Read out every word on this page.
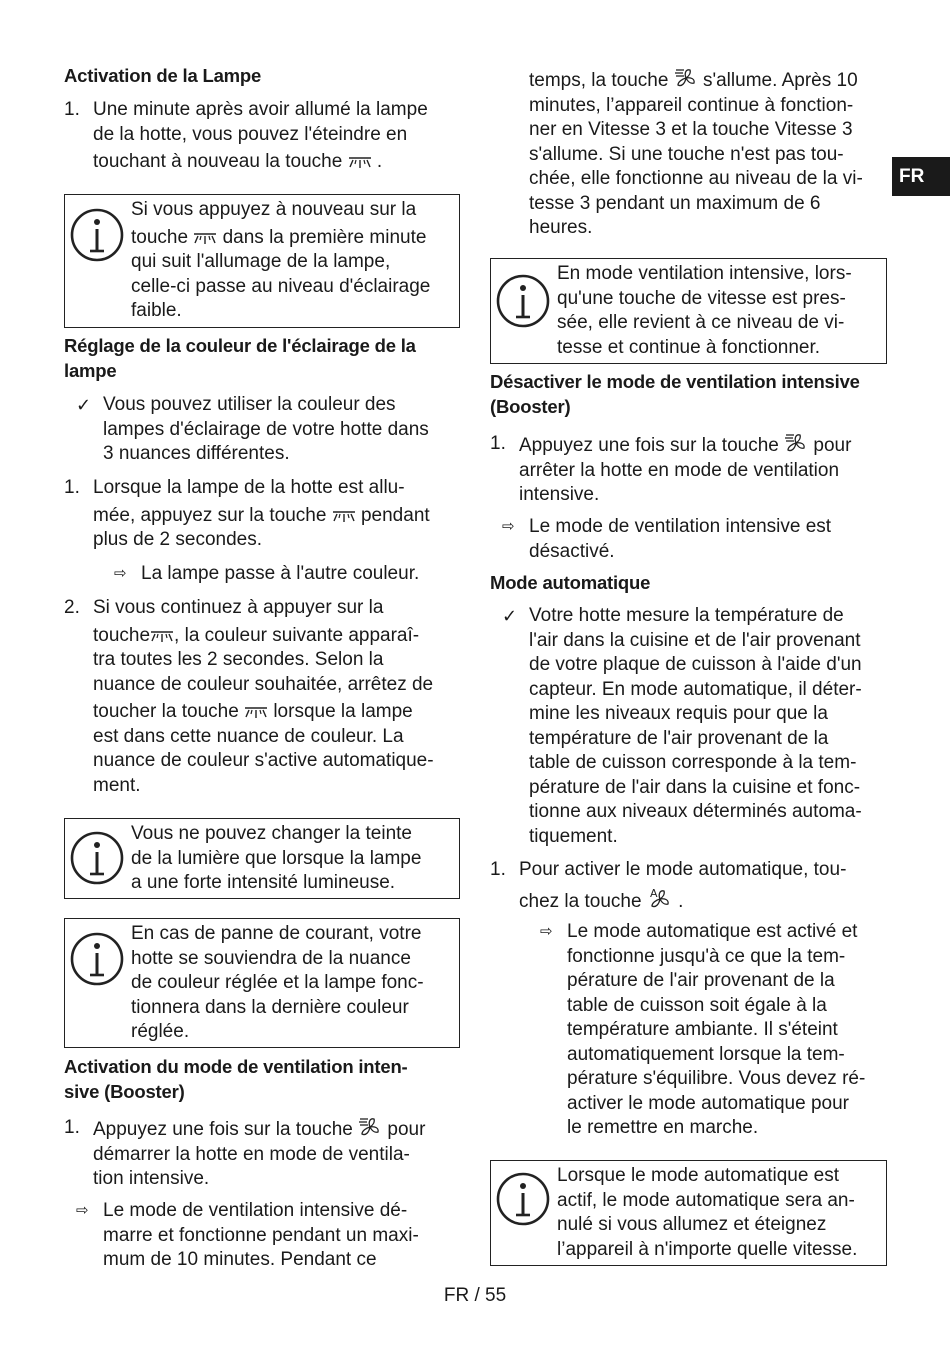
Activation de la Lampe
1. Une minute après avoir allumé la lampe
de la hotte, vous pouvez l'éteindre en
touchant à nouveau la touche .
Si vous appuyez à nouveau sur la
touche dans la première minute
qui suit l'allumage de la lampe,
celle-ci passe au niveau d'éclairage
faible.
Réglage de la couleur de l'éclairage de la
lampe
✓ Vous pouvez utiliser la couleur des
lampes d'éclairage de votre hotte dans
3 nuances différentes.
1. Lorsque la lampe de la hotte est allu-
mée, appuyez sur la touche pendant
plus de 2 secondes.
⇨ La lampe passe à l'autre couleur.
2. Si vous continuez à appuyer sur la
touche , la couleur suivante apparaî-
tra toutes les 2 secondes. Selon la
nuance de couleur souhaitée, arrêtez de
toucher la touche lorsque la lampe
est dans cette nuance de couleur. La
nuance de couleur s'active automatique-
ment.
Vous ne pouvez changer la teinte
de la lumière que lorsque la lampe
a une forte intensité lumineuse.
En cas de panne de courant, votre
hotte se souviendra de la nuance
de couleur réglée et la lampe fonc-
tionnera dans la dernière couleur
réglée.
Activation du mode de ventilation inten-
sive (Booster)
1. Appuyez une fois sur la touche pour
démarrer la hotte en mode de ventila-
tion intensive.
⇨ Le mode de ventilation intensive dé-
marre et fonctionne pendant un maxi-
mum de 10 minutes. Pendant ce
temps, la touche s'allume. Après 10
minutes, l’appareil continue à fonction-
ner en Vitesse 3 et la touche Vitesse 3
s'allume. Si une touche n'est pas tou-
chée, elle fonctionne au niveau de la vi-
tesse 3 pendant un maximum de 6
heures.
En mode ventilation intensive, lors-
qu'une touche de vitesse est pres-
sée, elle revient à ce niveau de vi-
tesse et continue à fonctionner.
Désactiver le mode de ventilation intensive
(Booster)
1. Appuyez une fois sur la touche pour
arrêter la hotte en mode de ventilation
intensive.
⇨ Le mode de ventilation intensive est
désactivé.
Mode automatique
✓ Votre hotte mesure la température de
l'air dans la cuisine et de l'air provenant
de votre plaque de cuisson à l'aide d'un
capteur. En mode automatique, il déter-
mine les niveaux requis pour que la
température de l'air provenant de la
table de cuisson corresponde à la tem-
pérature de l'air dans la cuisine et fonc-
tionne aux niveaux déterminés automa-
tiquement.
1. Pour activer le mode automatique, tou-
chez la touche A .
⇨ Le mode automatique est activé et
fonctionne jusqu'à ce que la tem-
pérature de l'air provenant de la
table de cuisson soit égale à la
température ambiante. Il s'éteint
automatiquement lorsque la tem-
pérature s'équilibre. Vous devez ré-
activer le mode automatique pour
le remettre en marche.
Lorsque le mode automatique est
actif, le mode automatique sera an-
nulé si vous allumez et éteignez
l’appareil à n'importe quelle vitesse.
FR
FR / 55
